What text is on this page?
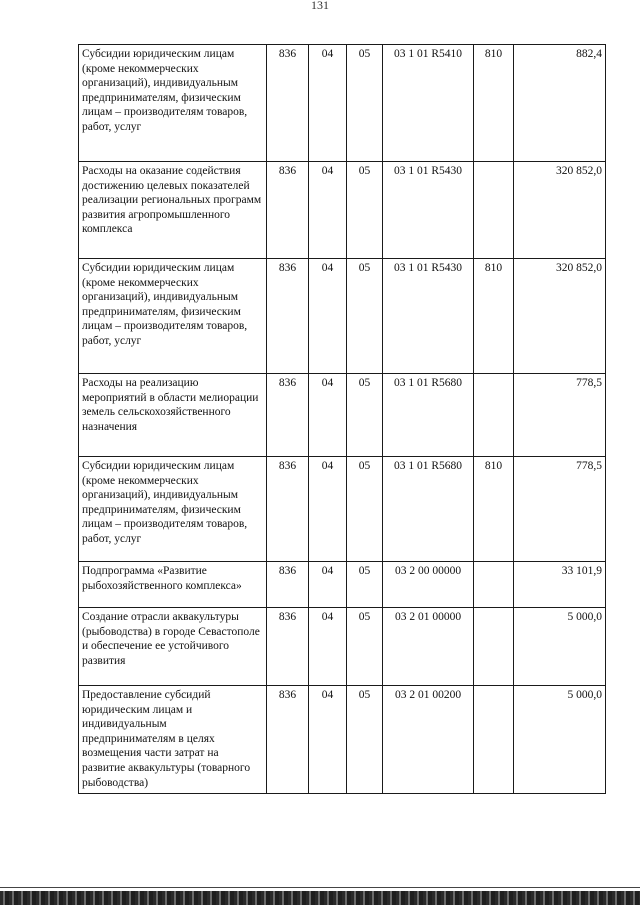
131
Субсидии юридическим лицам (кроме некоммерческих организаций), индивидуальным предпринимателям, физическим лицам – производителям товаров, работ, услуг	836	04	05	03 1 01 R5410	810	882,4
Расходы на оказание содействия достижению целевых показателей реализации региональных программ развития агропромышленного комплекса	836	04	05	03 1 01 R5430		320 852,0
Субсидии юридическим лицам (кроме некоммерческих организаций), индивидуальным предпринимателям, физическим лицам – производителям товаров, работ, услуг	836	04	05	03 1 01 R5430	810	320 852,0
Расходы на реализацию мероприятий в области мелиорации земель сельскохозяйственного назначения	836	04	05	03 1 01 R5680		778,5
Субсидии юридическим лицам (кроме некоммерческих организаций), индивидуальным предпринимателям, физическим лицам – производителям товаров, работ, услуг	836	04	05	03 1 01 R5680	810	778,5
Подпрограмма «Развитие рыбохозяйственного комплекса»	836	04	05	03 2 00 00000		33 101,9
Создание отрасли аквакультуры (рыбоводства) в городе Севастополе и обеспечение ее устойчивого развития	836	04	05	03 2 01 00000		5 000,0
Предоставление субсидий юридическим лицам и индивидуальным предпринимателям в целях возмещения части затрат на развитие аквакультуры (товарного рыбоводства)	836	04	05	03 2 01 00200		5 000,0
